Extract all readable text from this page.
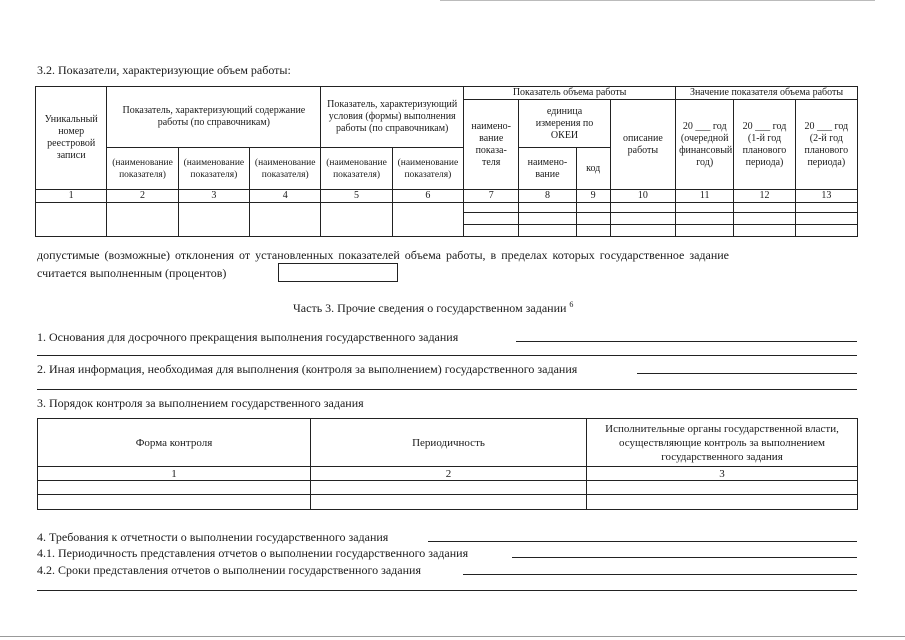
3.2. Показатели, характеризующие объем работы:
Уникальный номер реестровой записи	Показатель, характеризующий содержание работы (по справочникам)			Показатель, характеризующий условия (формы) выполнения работы (по справочникам)		Показатель объема работы				Значение показателя объема работы		
						наимено-вание показа-теля	единица измерения по ОКЕИ		описание работы	20 ___ год (очередной финансовый год)	20 ___ год (1-й год планового периода)	20 ___ год (2-й год планового периода)
	(наименование показателя)	(наименование показателя)	(наименование показателя)	(наименование показателя)	(наименование показателя)		наимено-вание	код				
1	2	3	4	5	6	7	8	9	10	11	12	13

допустимые (возможные) отклонения от установленных показателей объема работы, в пределах которых государственное задание
считается выполненным (процентов)
Часть 3. Прочие сведения о государственном задании $^6$
1. Основания для досрочного прекращения выполнения государственного задания
2. Иная информация, необходимая для выполнения (контроля за выполнением) государственного задания
3. Порядок контроля за выполнением государственного задания
Форма контроля	Периодичность	Исполнительные органы государственной власти, осуществляющие контроль за выполнением государственного задания
1	2	3

4. Требования к отчетности о выполнении государственного задания
4.1. Периодичность представления отчетов о выполнении государственного задания
4.2. Сроки представления отчетов о выполнении государственного задания
